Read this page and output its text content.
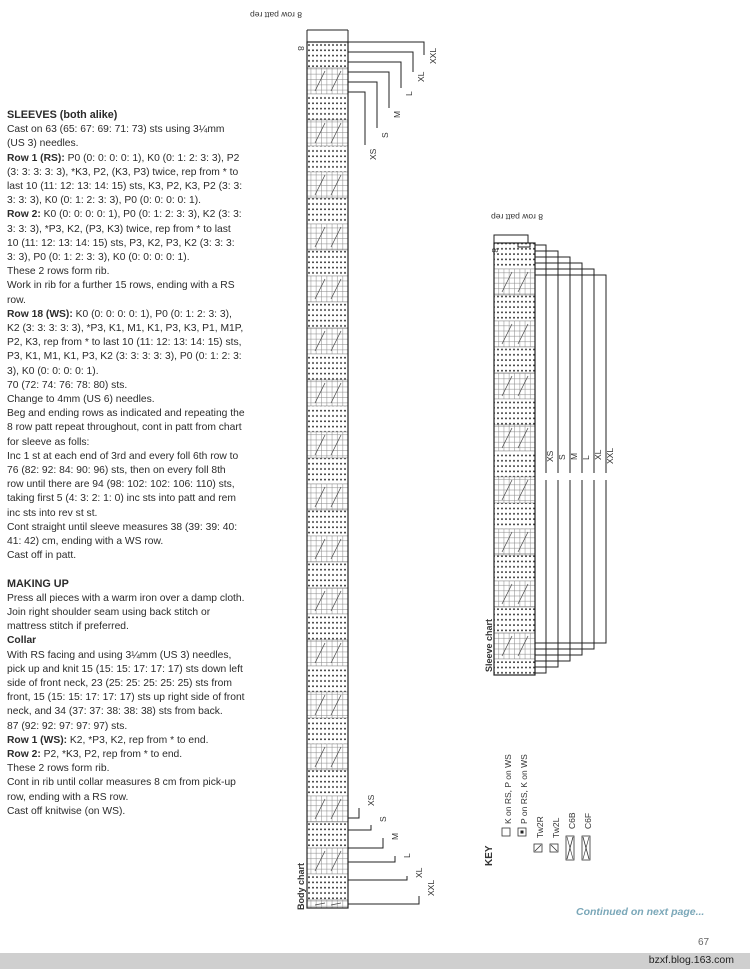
SLEEVES (both alike)

Cast on 63 (65: 67: 69: 71: 73) sts using 3¼mm (US 3) needles.

Row 1 (RS): P0 (0: 0: 0: 0: 1), K0 (0: 1: 2: 3: 3), P2 (3: 3: 3: 3: 3), *K3, P2, (K3, P3) twice, rep from * to last 10 (11: 12: 13: 14: 15) sts, K3, P2, K3, P2 (3: 3: 3: 3: 3), K0 (0: 1: 2: 3: 3), P0 (0: 0: 0: 0: 1).

Row 2: K0 (0: 0: 0: 0: 1), P0 (0: 1: 2: 3: 3), K2 (3: 3: 3: 3: 3), *P3, K2, (P3, K3) twice, rep from * to last 10 (11: 12: 13: 14: 15) sts, P3, K2, P3, K2 (3: 3: 3: 3: 3), P0 (0: 1: 2: 3: 3), K0 (0: 0: 0: 0: 1).

These 2 rows form rib.

Work in rib for a further 15 rows, ending with a RS row.

Row 18 (WS): K0 (0: 0: 0: 0: 1), P0 (0: 1: 2: 3: 3), K2 (3: 3: 3: 3: 3), *P3, K1, M1, K1, P3, K3, P1, M1P, P2, K3, rep from * to last 10 (11: 12: 13: 14: 15) sts, P3, K1, M1, K1, P3, K2 (3: 3: 3: 3: 3), P0 (0: 1: 2: 3: 3), K0 (0: 0: 0: 0: 1).

70 (72: 74: 76: 78: 80) sts.

Change to 4mm (US 6) needles.

Beg and ending rows as indicated and repeating the 8 row patt repeat throughout, cont in patt from chart for sleeve as folls:

Inc 1 st at each end of 3rd and every foll 6th row to 76 (82: 92: 84: 90: 96) sts, then on every foll 8th row until there are 94 (98: 102: 102: 106: 110) sts, taking first 5 (4: 3: 2: 1: 0) inc sts into patt and rem inc sts into rev st st.

Cont straight until sleeve measures 38 (39: 39: 40: 41: 42) cm, ending with a WS row.

Cast off in patt.

MAKING UP

Press all pieces with a warm iron over a damp cloth.

Join right shoulder seam using back stitch or mattress stitch if preferred.

Collar

With RS facing and using 3¼mm (US 3) needles, pick up and knit 15 (15: 15: 17: 17: 17) sts down left side of front neck, 23 (25: 25: 25: 25: 25) sts from front, 15 (15: 15: 17: 17: 17) sts up right side of front neck, and 34 (37: 37: 38: 38: 38) sts from back.

87 (92: 92: 97: 97: 97) sts.

Row 1 (WS): K2, *P3, K2, rep from * to end.

Row 2: P2, *K3, P2, rep from * to end.

These 2 rows form rib.

Cont in rib until collar measures 8 cm from pick-up row, ending with a RS row.

Cast off knitwise (on WS).

8 row patt rep
8	XXL
XL
L
M
S
XS
XS
S
M
L
XL
XXL
Body chart
8 row patt rep
8
XS S M L XL XXL
Sleeve chart
KEY
K on RS, P on WS P on RS, K on WS
Tw2R Tw2L C6B C6F
Continued on next page...
67
bzxf.blog.163.com
